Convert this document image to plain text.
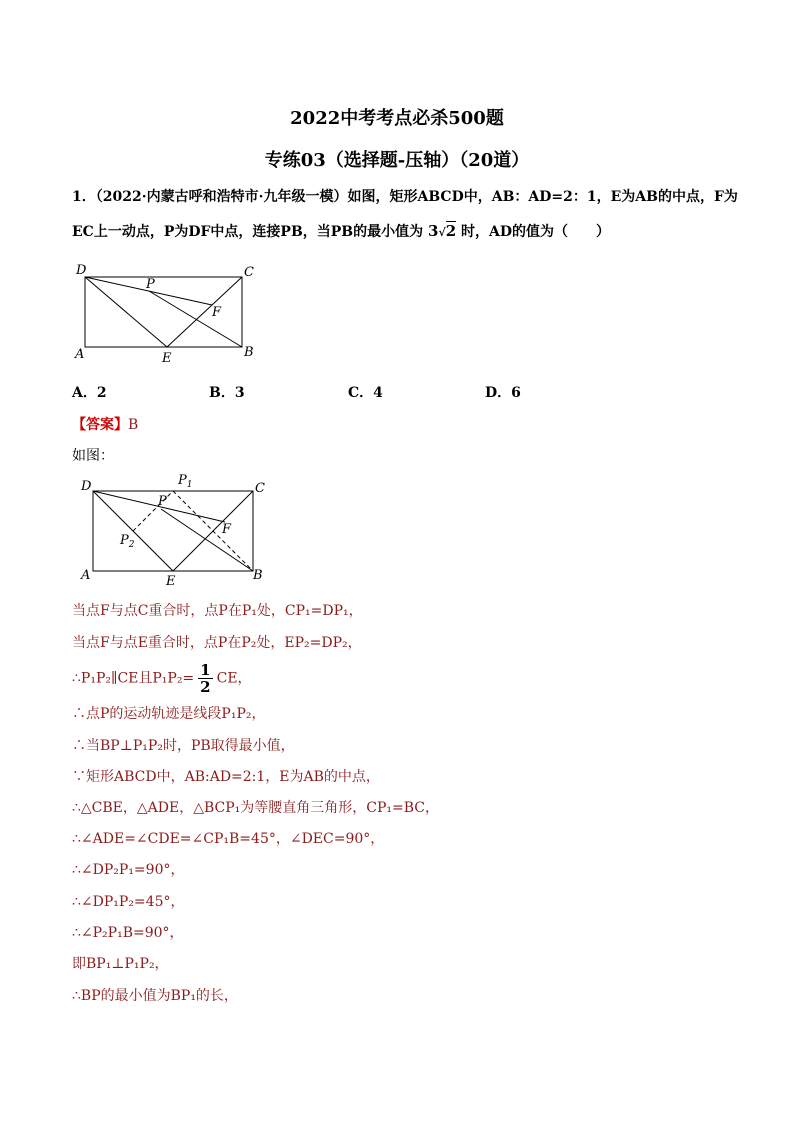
2022中考考点必杀500题
专练03（选择题-压轴）（20道）
1．（2022·内蒙古呼和浩特市·九年级一模）如图，矩形ABCD中，AB：AD=2：1，E为AB的中点，F为
EC上一动点，P为DF中点，连接PB，当PB的最小值为 3√2 时，AD的值为（　　）
D	C
A	B
E
F
P
A．2	B．3	C．4	D．6
【答案】B
如图：
D	C
A	B
E
F
P
$P_1$
$P_2$
当点F与点C重合时，点P在P₁处，CP₁=DP₁，
当点F与点E重合时，点P在P₂处，EP₂=DP₂，
∴P₁P₂∥CE且$P_1P_2= \frac{1}{2}$ CE，
∴点P的运动轨迹是线段P₁P₂，
∴当BP⊥P₁P₂时，PB取得最小值，
∵矩形ABCD中，AB:AD=2:1，E为AB的中点，
∴△CBE，△ADE，△BCP₁为等腰直角三角形，CP₁=BC，
∴∠ADE=∠CDE=∠CP₁B=45°，∠DEC=90°，
∴∠DP₂P₁=90°，
∴∠DP₁P₂=45°，
∴∠P₂P₁B=90°，
即BP₁⊥P₁P₂，
∴BP的最小值为BP₁的长，
